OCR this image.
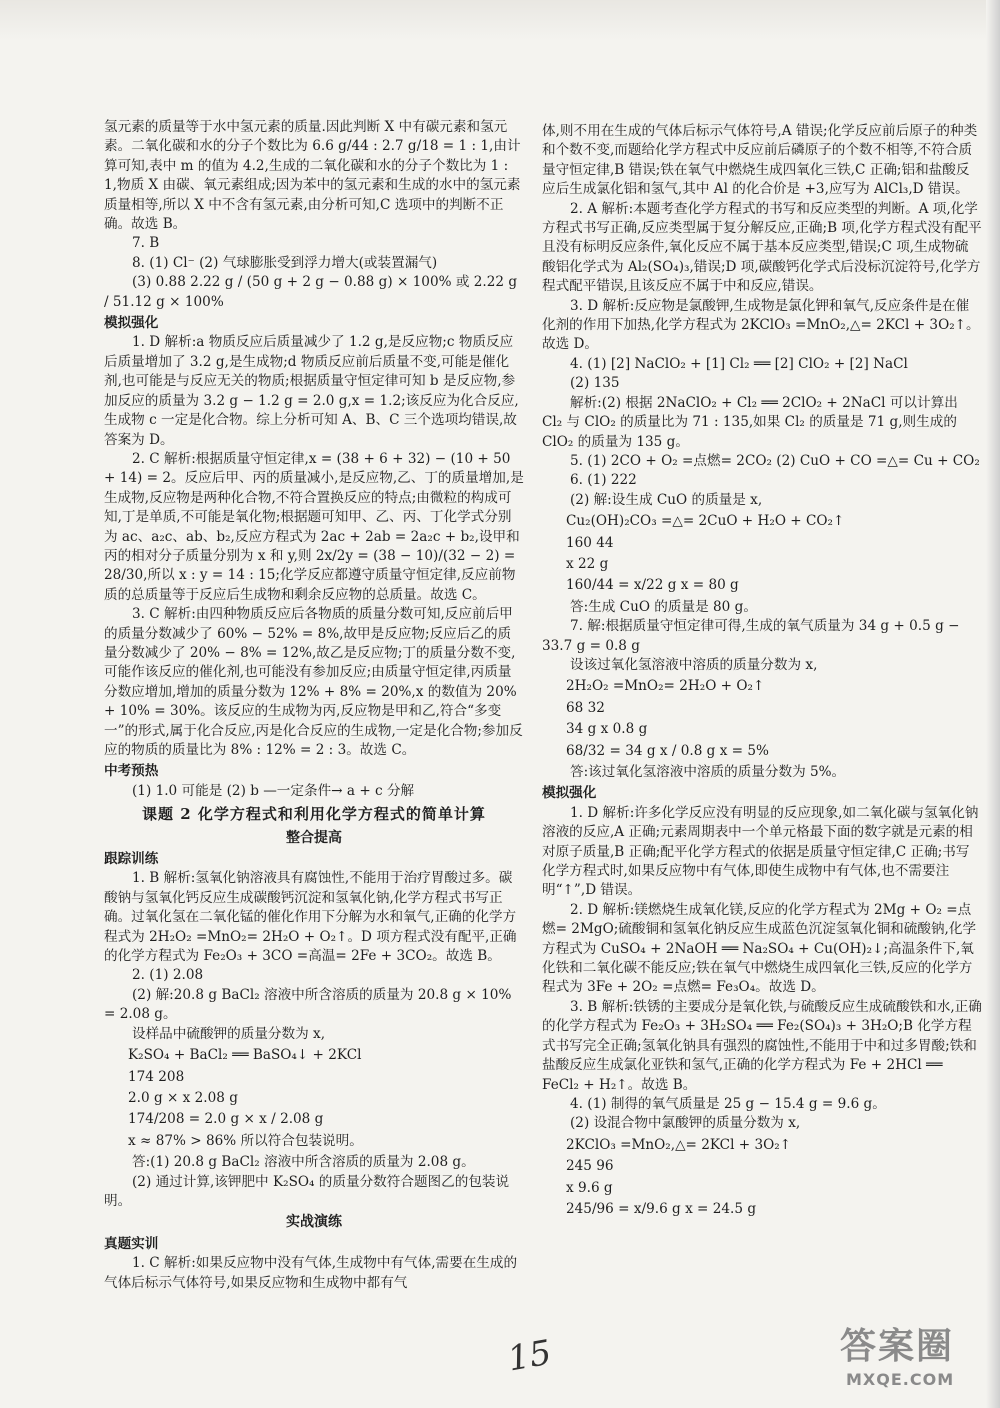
氢元素的质量等于水中氢元素的质量.因此判断 X 中有碳元素和氢元素。二氧化碳和水的分子个数比为 6.6 g/44 : 2.7 g/18 = 1 : 1,由计算可知,表中 m 的值为 4.2,生成的二氧化碳和水的分子个数比为 1 : 1,物质 X 由碳、氧元素组成;因为苯中的氢元素和生成的水中的氢元素质量相等,所以 X 中不含有氢元素,由分析可知,C 选项中的判断不正确。故选 B。
7. B
8. (1) Cl⁻ (2) 气球膨胀受到浮力增大(或装置漏气)
(3) 0.88 2.22 g / (50 g + 2 g − 0.88 g) × 100% 或 2.22 g / 51.12 g × 100%
模拟强化
1. D 解析:a 物质反应后质量减少了 1.2 g,是反应物;c 物质反应后质量增加了 3.2 g,是生成物;d 物质反应前后质量不变,可能是催化剂,也可能是与反应无关的物质;根据质量守恒定律可知 b 是反应物,参加反应的质量为 3.2 g − 1.2 g = 2.0 g,x = 1.2;该反应为化合反应,生成物 c 一定是化合物。综上分析可知 A、B、C 三个选项均错误,故答案为 D。
2. C 解析:根据质量守恒定律,x = (38 + 6 + 32) − (10 + 50 + 14) = 2。反应后甲、丙的质量减小,是反应物,乙、丁的质量增加,是生成物,反应物是两种化合物,不符合置换反应的特点;由微粒的构成可知,丁是单质,不可能是氧化物;根据题可知甲、乙、丙、丁化学式分别为 ac、a₂c、ab、b₂,反应方程式为 2ac + 2ab = 2a₂c + b₂,设甲和丙的相对分子质量分别为 x 和 y,则 2x/2y = (38 − 10)/(32 − 2) = 28/30,所以 x : y = 14 : 15;化学反应都遵守质量守恒定律,反应前物质的总质量等于反应后生成物和剩余反应物的总质量。故选 C。
3. C 解析:由四种物质反应后各物质的质量分数可知,反应前后甲的质量分数减少了 60% − 52% = 8%,故甲是反应物;反应后乙的质量分数减少了 20% − 8% = 12%,故乙是反应物;丁的质量分数不变,可能作该反应的催化剂,也可能没有参加反应;由质量守恒定律,丙质量分数应增加,增加的质量分数为 12% + 8% = 20%,x 的数值为 20% + 10% = 30%。该反应的生成物为丙,反应物是甲和乙,符合“多变一”的形式,属于化合反应,丙是化合反应的生成物,一定是化合物;参加反应的物质的质量比为 8% : 12% = 2 : 3。故选 C。
中考预热
(1) 1.0 可能是 (2) b —一定条件→ a + c 分解
课题 2 化学方程式和利用化学方程式的简单计算
整合提高
跟踪训练
1. B 解析:氢氧化钠溶液具有腐蚀性,不能用于治疗胃酸过多。碳酸钠与氢氧化钙反应生成碳酸钙沉淀和氢氧化钠,化学方程式书写正确。过氧化氢在二氧化锰的催化作用下分解为水和氧气,正确的化学方程式为 2H₂O₂ =MnO₂= 2H₂O + O₂↑。D 项方程式没有配平,正确的化学方程式为 Fe₂O₃ + 3CO =高温= 2Fe + 3CO₂。故选 B。
2. (1) 2.08
(2) 解:20.8 g BaCl₂ 溶液中所含溶质的质量为 20.8 g × 10% = 2.08 g。
设样品中硫酸钾的质量分数为 x,
K₂SO₄ + BaCl₂ ══ BaSO₄↓ + 2KCl
174 208
2.0 g × x 2.08 g
174/208 = 2.0 g × x / 2.08 g
x ≈ 87% > 86% 所以符合包装说明。
答:(1) 20.8 g BaCl₂ 溶液中所含溶质的质量为 2.08 g。
(2) 通过计算,该钾肥中 K₂SO₄ 的质量分数符合题图乙的包装说明。
实战演练
真题实训
1. C 解析:如果反应物中没有气体,生成物中有气体,需要在生成的气体后标示气体符号,如果反应物和生成物中都有气
体,则不用在生成的气体后标示气体符号,A 错误;化学反应前后原子的种类和个数不变,而题给化学方程式中反应前后磷原子的个数不相等,不符合质量守恒定律,B 错误;铁在氧气中燃烧生成四氧化三铁,C 正确;铝和盐酸反应后生成氯化铝和氢气,其中 Al 的化合价是 +3,应写为 AlCl₃,D 错误。
2. A 解析:本题考查化学方程式的书写和反应类型的判断。A 项,化学方程式书写正确,反应类型属于复分解反应,正确;B 项,化学方程式没有配平且没有标明反应条件,氧化反应不属于基本反应类型,错误;C 项,生成物硫酸铝化学式为 Al₂(SO₄)₃,错误;D 项,碳酸钙化学式后没标沉淀符号,化学方程式配平错误,且该反应不属于中和反应,错误。
3. D 解析:反应物是氯酸钾,生成物是氯化钾和氧气,反应条件是在催化剂的作用下加热,化学方程式为 2KClO₃ =MnO₂,△= 2KCl + 3O₂↑。故选 D。
4. (1) [2] NaClO₂ + [1] Cl₂ ══ [2] ClO₂ + [2] NaCl
(2) 135
解析:(2) 根据 2NaClO₂ + Cl₂ ══ 2ClO₂ + 2NaCl 可以计算出 Cl₂ 与 ClO₂ 的质量比为 71 : 135,如果 Cl₂ 的质量是 71 g,则生成的 ClO₂ 的质量为 135 g。
5. (1) 2CO + O₂ =点燃= 2CO₂ (2) CuO + CO =△= Cu + CO₂
6. (1) 222
(2) 解:设生成 CuO 的质量是 x,
Cu₂(OH)₂CO₃ =△= 2CuO + H₂O + CO₂↑
160 44
x 22 g
160/44 = x/22 g x = 80 g
答:生成 CuO 的质量是 80 g。
7. 解:根据质量守恒定律可得,生成的氧气质量为 34 g + 0.5 g − 33.7 g = 0.8 g
设该过氧化氢溶液中溶质的质量分数为 x,
2H₂O₂ =MnO₂= 2H₂O + O₂↑
68 32
34 g x 0.8 g
68/32 = 34 g x / 0.8 g x = 5%
答:该过氧化氢溶液中溶质的质量分数为 5%。
模拟强化
1. D 解析:许多化学反应没有明显的反应现象,如二氧化碳与氢氧化钠溶液的反应,A 正确;元素周期表中一个单元格最下面的数字就是元素的相对原子质量,B 正确;配平化学方程式的依据是质量守恒定律,C 正确;书写化学方程式时,如果反应物中有气体,即使生成物中有气体,也不需要注明“↑”,D 错误。
2. D 解析:镁燃烧生成氧化镁,反应的化学方程式为 2Mg + O₂ =点燃= 2MgO;硫酸铜和氢氧化钠反应生成蓝色沉淀氢氧化铜和硫酸钠,化学方程式为 CuSO₄ + 2NaOH ══ Na₂SO₄ + Cu(OH)₂↓;高温条件下,氧化铁和二氧化碳不能反应;铁在氧气中燃烧生成四氧化三铁,反应的化学方程式为 3Fe + 2O₂ =点燃= Fe₃O₄。故选 D。
3. B 解析:铁锈的主要成分是氧化铁,与硫酸反应生成硫酸铁和水,正确的化学方程式为 Fe₂O₃ + 3H₂SO₄ ══ Fe₂(SO₄)₃ + 3H₂O;B 化学方程式书写完全正确;氢氧化钠具有强烈的腐蚀性,不能用于中和过多胃酸;铁和盐酸反应生成氯化亚铁和氢气,正确的化学方程式为 Fe + 2HCl ══ FeCl₂ + H₂↑。故选 B。
4. (1) 制得的氧气质量是 25 g − 15.4 g = 9.6 g。
(2) 设混合物中氯酸钾的质量分数为 x,
2KClO₃ =MnO₂,△= 2KCl + 3O₂↑
245 96
x 9.6 g
245/96 = x/9.6 g x = 24.5 g
15	答案圈
MXQE.COM
